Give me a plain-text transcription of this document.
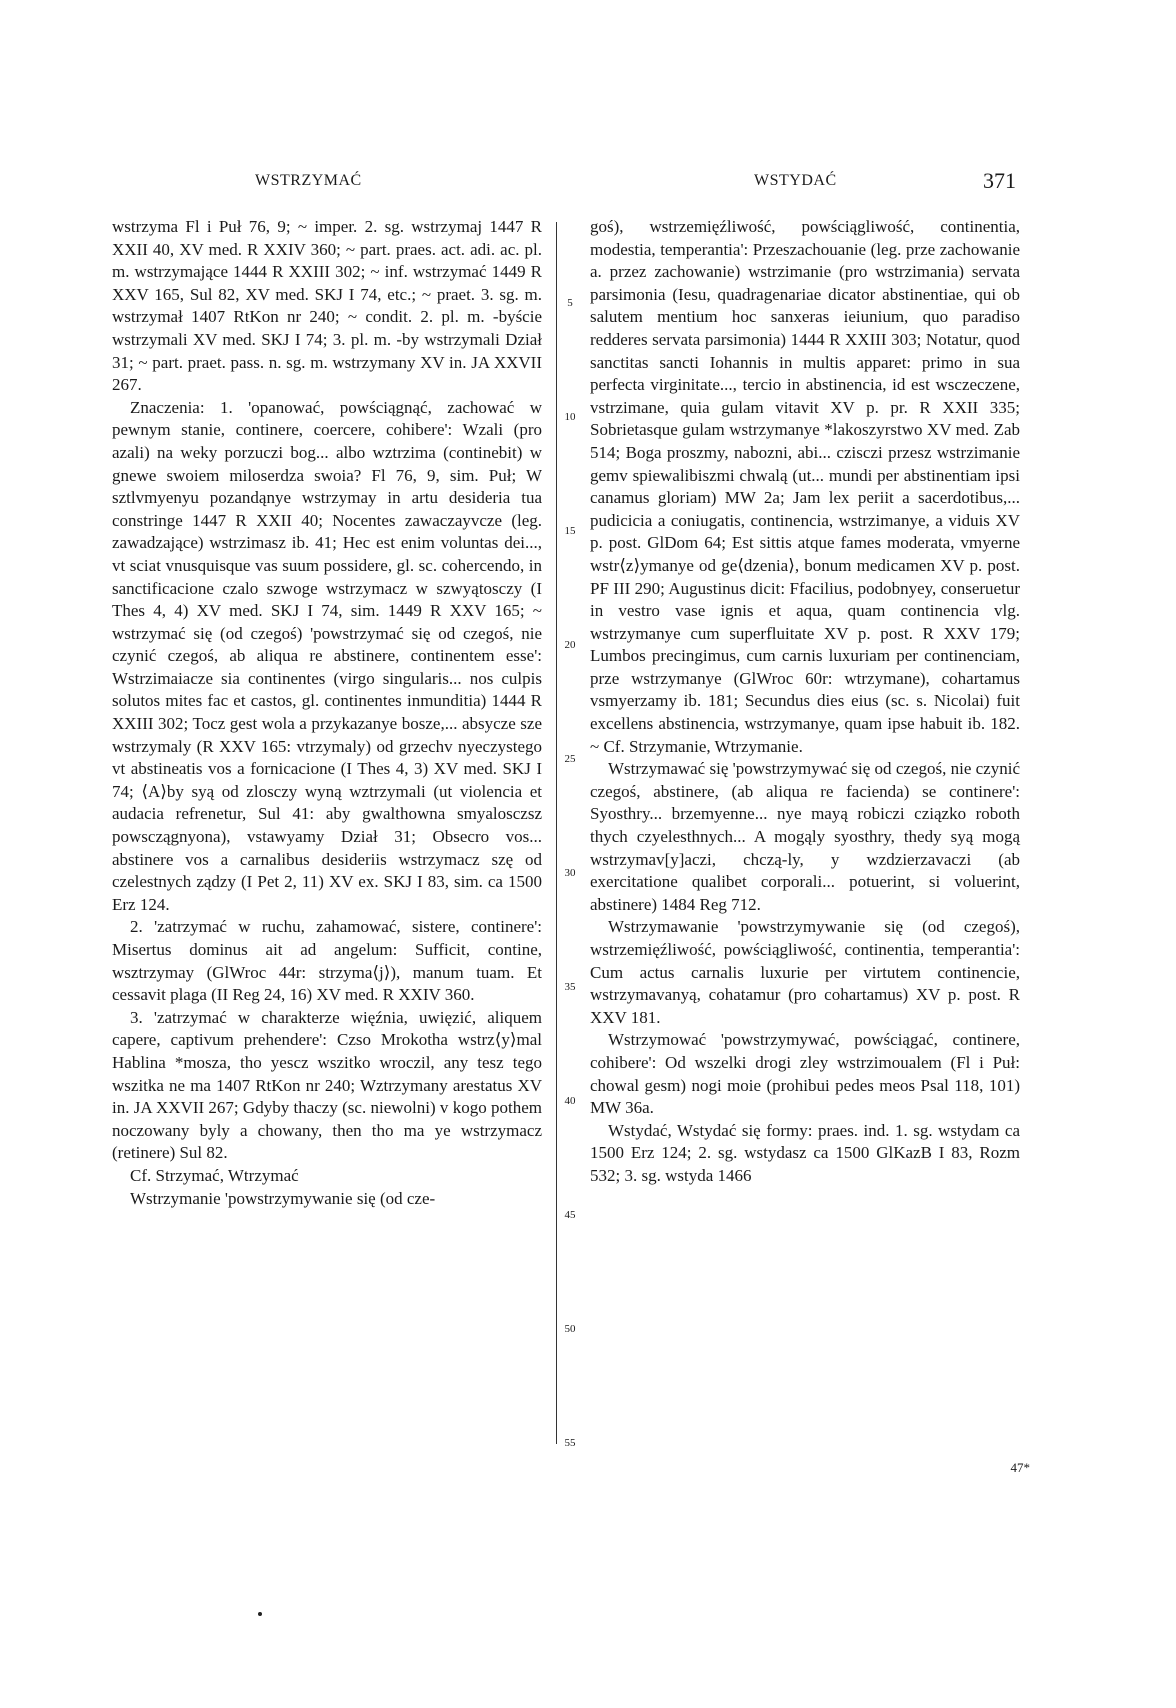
WSTRZYMAĆ	WSTYDAĆ	371

wstrzyma Fl i Puł 76, 9; ~ imper. 2. sg. wstrzymaj 1447 R XXII 40, XV med. R XXIV 360; ~ part. praes. act. adi. ac. pl. m. wstrzymające 1444 R XXIII 302; ~ inf. wstrzymać 1449 R XXV 165, Sul 82, XV med. SKJ I 74, etc.; ~ praet. 3. sg. m. wstrzymał 1407 RtKon nr 240; ~ condit. 2. pl. m. -byście wstrzymali XV med. SKJ I 74; 3. pl. m. -by wstrzymali Dział 31; ~ part. praet. pass. n. sg. m. wstrzymany XV in. JA XXVII 267.

Znaczenia: 1. 'opanować, powściągnąć, zachować w pewnym stanie, continere, coercere, cohibere': Wzali (pro azali) na weky porzuczi bog... albo wztrzima (continebit) w gnewe swoiem miloserdza swoia? Fl 76, 9, sim. Puł; W sztlvmyenyu pozandąnye wstrzymay in artu desideria tua constringe 1447 R XXII 40; Nocentes zawaczayvcze (leg. zawadzające) wstrzimasz ib. 41; Hec est enim voluntas dei..., vt sciat vnusquisque vas suum possidere, gl. sc. cohercendo, in sanctificacione czalo szwoge wstrzymacz w szwyątosczy (I Thes 4, 4) XV med. SKJ I 74, sim. 1449 R XXV 165; ~ wstrzymać się (od czegoś) 'powstrzymać się od czegoś, nie czynić czegoś, ab aliqua re abstinere, continentem esse': Wstrzimaiacze sia continentes (virgo singularis... nos culpis solutos mites fac et castos, gl. continentes inmunditia) 1444 R XXIII 302; Tocz gest wola a przykazanye bosze,... absycze sze wstrzymaly (R XXV 165: vtrzymaly) od grzechv nyeczystego vt abstineatis vos a fornicacione (I Thes 4, 3) XV med. SKJ I 74; ⟨A⟩by syą od zlosczy wyną wztrzymali (ut violencia et audacia refrenetur, Sul 41: aby gwalthowna smyalosczsz powsczągnyona), vstawyamy Dział 31; Obsecro vos... abstinere vos a carnalibus desideriis wstrzymacz szę od czelestnych ządzy (I Pet 2, 11) XV ex. SKJ I 83, sim. ca 1500 Erz 124.

2. 'zatrzymać w ruchu, zahamować, sistere, continere': Misertus dominus ait ad angelum: Sufficit, contine, wsztrzymay (GlWroc 44r: strzyma⟨j⟩), manum tuam. Et cessavit plaga (II Reg 24, 16) XV med. R XXIV 360.

3. 'zatrzymać w charakterze więźnia, uwięzić, aliquem capere, captivum prehendere': Czso Mrokotha wstrz⟨y⟩mal Hablina *mosza, tho yescz wszitko wroczil, any tesz tego wszitka ne ma 1407 RtKon nr 240; Wztrzymany arestatus XV in. JA XXVII 267; Gdyby thaczy (sc. niewolni) v kogo pothem noczowany byly a chowany, then tho ma ye wstrzymacz (retinere) Sul 82.

Cf. Strzymać, Wtrzymać

Wstrzymanie 'powstrzymywanie się (od cze-

5
10
15
20
25
30
35
40
45
50
55

goś), wstrzemięźliwość, powściągliwość, continentia, modestia, temperantia': Przeszachouanie (leg. prze zachowanie a. przez zachowanie) wstrzimanie (pro wstrzimania) servata parsimonia (Iesu, quadragenariae dicator abstinentiae, qui ob salutem mentium hoc sanxeras ieiunium, quo paradiso redderes servata parsimonia) 1444 R XXIII 303; Notatur, quod sanctitas sancti Iohannis in multis apparet: primo in sua perfecta virginitate..., tercio in abstinencia, id est wsczeczene, vstrzimane, quia gulam vitavit XV p. pr. R XXII 335; Sobrietasque gulam wstrzymanye *lakoszyrstwo XV med. Zab 514; Boga proszmy, nabozni, abi... czisczi przesz wstrzimanie gemv spiewalibiszmi chwalą (ut... mundi per abstinentiam ipsi canamus gloriam) MW 2a; Jam lex periit a sacerdotibus,... pudicicia a coniugatis, continencia, wstrzimanye, a viduis XV p. post. GlDom 64; Est sittis atque fames moderata, vmyerne wstr⟨z⟩ymanye od ge⟨dzenia⟩, bonum medicamen XV p. post. PF III 290; Augustinus dicit: Ffacilius, podobnyey, conseruetur in vestro vase ignis et aqua, quam continencia vlg. wstrzymanye cum superfluitate XV p. post. R XXV 179; Lumbos precingimus, cum carnis luxuriam per continenciam, prze wstrzymanye (GlWroc 60r: wtrzymane), cohartamus vsmyerzamy ib. 181; Secundus dies eius (sc. s. Nicolai) fuit excellens abstinencia, wstrzymanye, quam ipse habuit ib. 182. ~ Cf. Strzymanie, Wtrzymanie.

Wstrzymawać się 'powstrzymywać się od czegoś, nie czynić czegoś, abstinere, (ab aliqua re facienda) se continere': Syosthry... brzemyenne... nye mayą robiczi cziązko roboth thych czyelesthnych... A mogąly syosthry, thedy syą mogą wstrzymav[y]aczi, chczą-ly, y wzdzierzavaczi (ab exercitatione qualibet corporali... potuerint, si voluerint, abstinere) 1484 Reg 712.

Wstrzymawanie 'powstrzymywanie się (od czegoś), wstrzemięźliwość, powściągliwość, continentia, temperantia': Cum actus carnalis luxurie per virtutem continencie, wstrzymavanyą, cohatamur (pro cohartamus) XV p. post. R XXV 181.

Wstrzymować 'powstrzymywać, powściągać, continere, cohibere': Od wszelki drogi zley wstrzimoualem (Fl i Puł: chowal gesm) nogi moie (prohibui pedes meos Psal 118, 101) MW 36a.

Wstydać, Wstydać się formy: praes. ind. 1. sg. wstydam ca 1500 Erz 124; 2. sg. wstydasz ca 1500 GlKazB I 83, Rozm 532; 3. sg. wstyda 1466

47*
